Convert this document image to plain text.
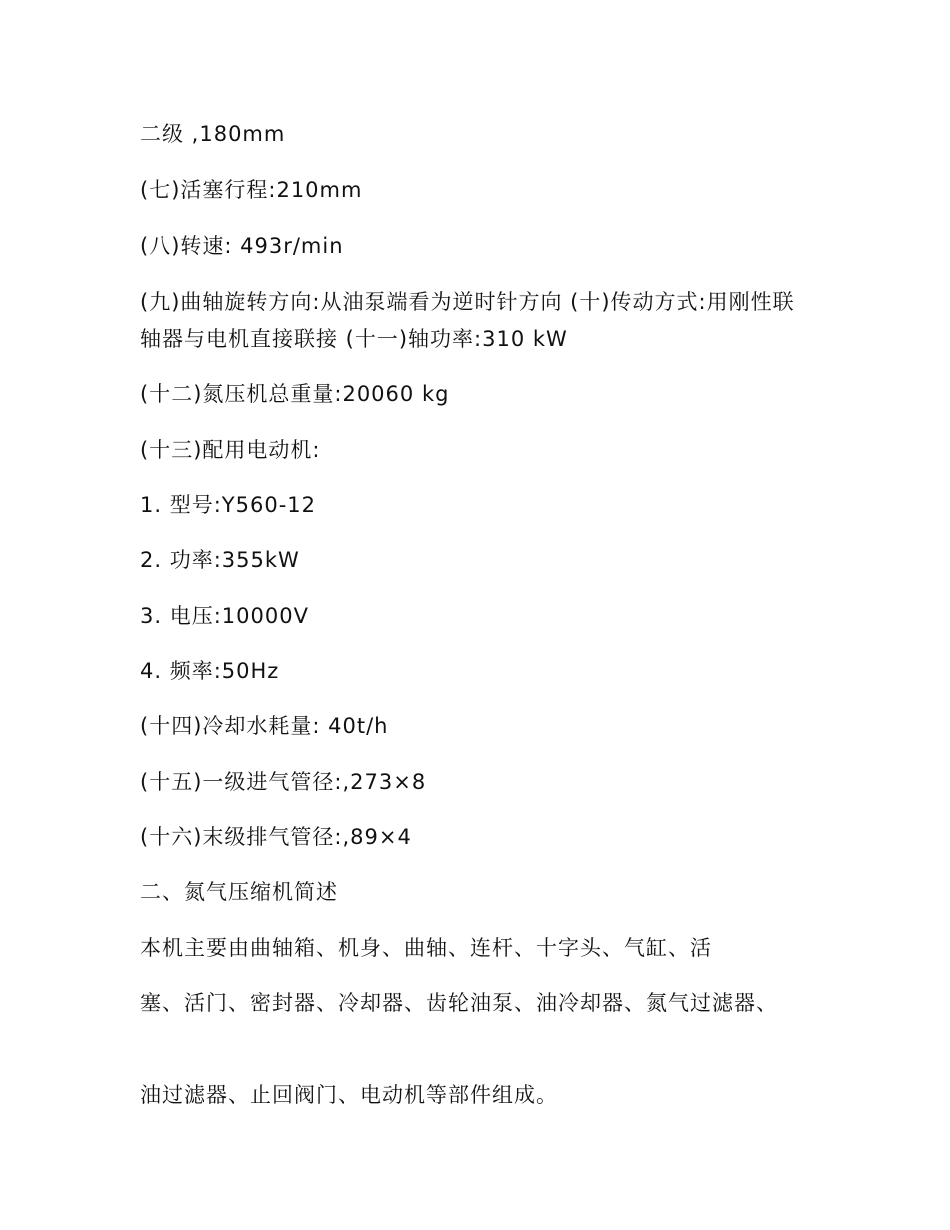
二级 ,180mm
(七)活塞行程:210mm
(八)转速: 493r/min
(九)曲轴旋转方向:从油泵端看为逆时针方向 (十)传动方式:用刚性联轴器与电机直接联接 (十一)轴功率:310 kW
(十二)氮压机总重量:20060 kg
(十三)配用电动机:
1. 型号:Y560-12
2. 功率:355kW
3. 电压:10000V
4. 频率:50Hz
(十四)冷却水耗量: 40t/h
(十五)一级进气管径:,273×8
(十六)末级排气管径:,89×4
二、氮气压缩机简述
本机主要由曲轴箱、机身、曲轴、连杆、十字头、气缸、活
塞、活门、密封器、冷却器、齿轮油泵、油冷却器、氮气过滤器、
油过滤器、止回阀门、电动机等部件组成。
